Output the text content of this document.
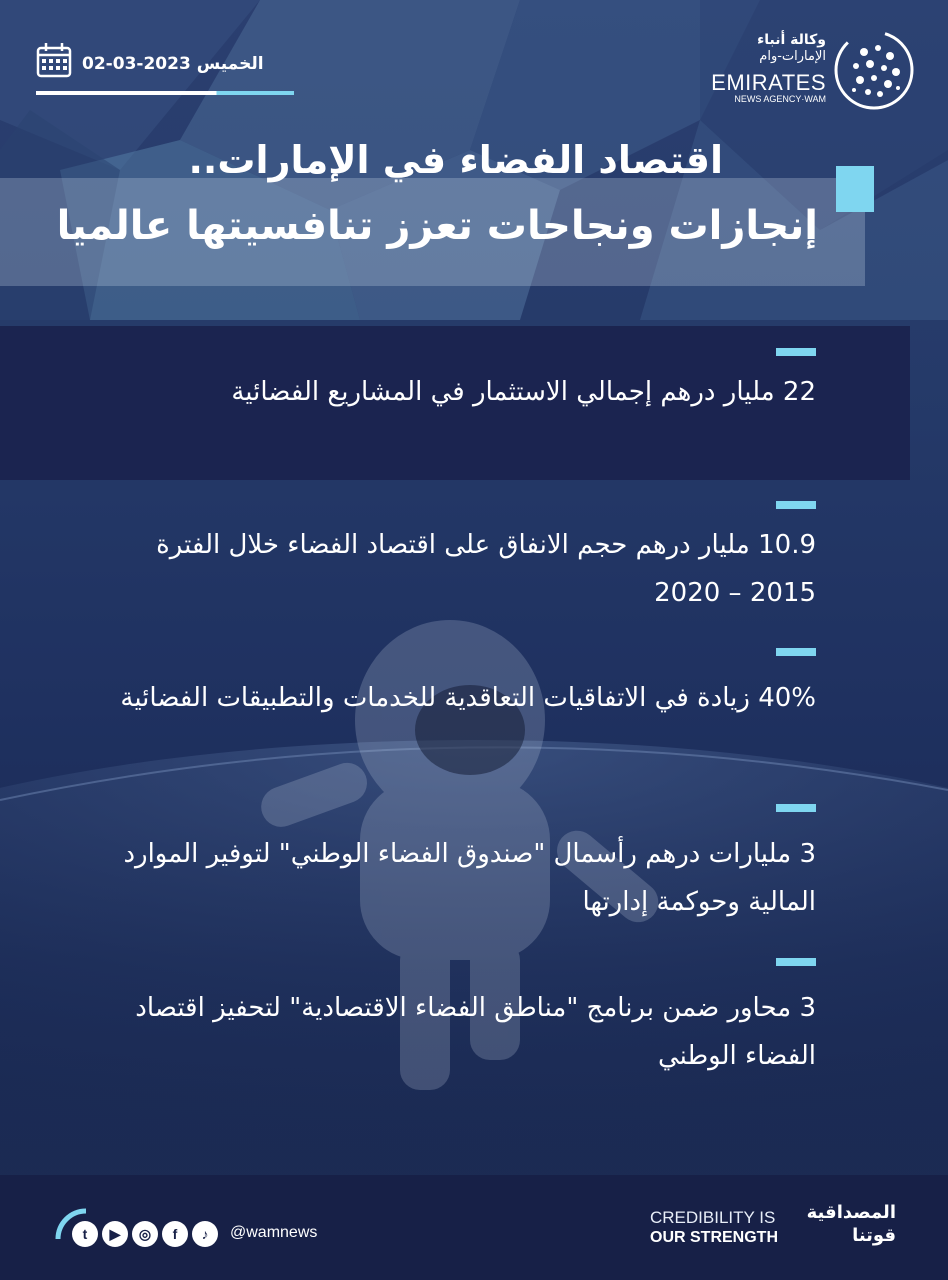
الخميس 2023-03-02
وكالة أنباء
الإمارات-وام
EMIRATES
NEWS AGENCY·WAM
اقتصاد الفضاء في الإمارات..
إنجازات ونجاحات تعزز تنافسيتها عالميا
22 مليار درهم إجمالي الاستثمار في المشاريع الفضائية
10.9 مليار درهم حجم الانفاق على اقتصاد الفضاء خلال الفترة 2015 – 2020
40% زيادة في الاتفاقيات التعاقدية للخدمات والتطبيقات الفضائية
3 مليارات درهم رأسمال "صندوق الفضاء الوطني" لتوفير الموارد المالية وحوكمة إدارتها
3 محاور ضمن برنامج "مناطق الفضاء الاقتصادية" لتحفيز اقتصاد الفضاء الوطني
t ▶ ◎ f ♪	@wamnews
CREDIBILITY IS
OUR STRENGTH
المصداقية
قوتنا
